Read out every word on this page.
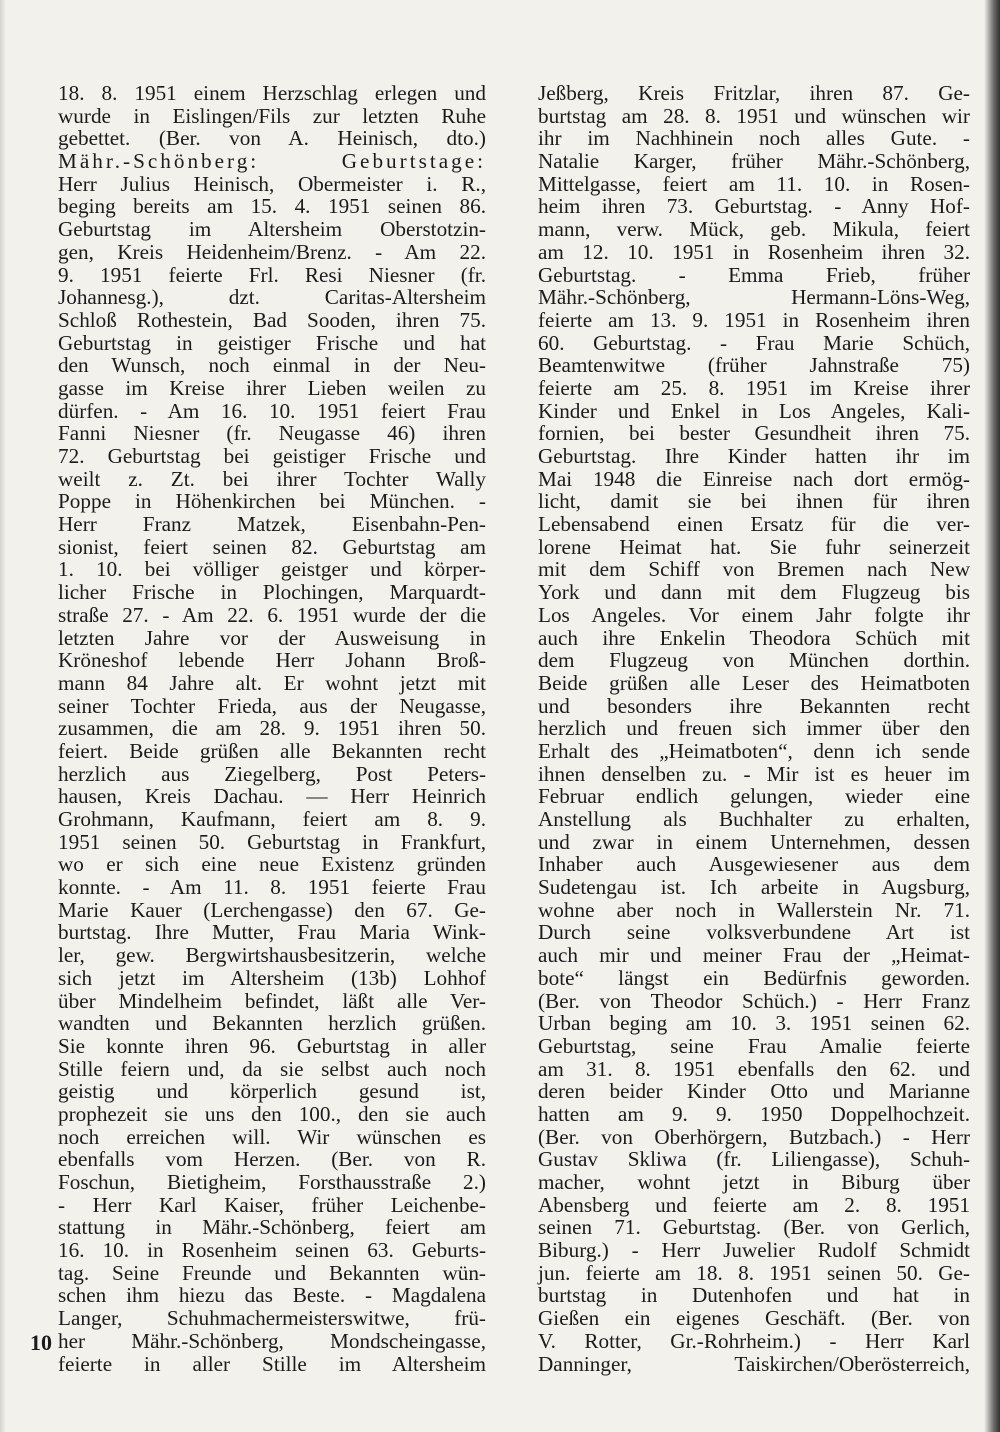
18. 8. 1951 einem Herzschlag erlegen und
wurde in Eislingen/Fils zur letzten Ruhe
gebettet. (Ber. von A. Heinisch, dto.)
Mähr.-Schönberg: Geburtstage:
Herr Julius Heinisch, Obermeister i. R.,
beging bereits am 15. 4. 1951 seinen 86.
Geburtstag im Altersheim Oberstotzin-
gen, Kreis Heidenheim/Brenz. - Am 22.
9. 1951 feierte Frl. Resi Niesner (fr.
Johannesg.), dzt. Caritas-Altersheim
Schloß Rothestein, Bad Sooden, ihren 75.
Geburtstag in geistiger Frische und hat
den Wunsch, noch einmal in der Neu-
gasse im Kreise ihrer Lieben weilen zu
dürfen. - Am 16. 10. 1951 feiert Frau
Fanni Niesner (fr. Neugasse 46) ihren
72. Geburtstag bei geistiger Frische und
weilt z. Zt. bei ihrer Tochter Wally
Poppe in Höhenkirchen bei München. -
Herr Franz Matzek, Eisenbahn-Pen-
sionist, feiert seinen 82. Geburtstag am
1. 10. bei völliger geistger und körper-
licher Frische in Plochingen, Marquardt-
straße 27. - Am 22. 6. 1951 wurde der die
letzten Jahre vor der Ausweisung in
Kröneshof lebende Herr Johann Broß-
mann 84 Jahre alt. Er wohnt jetzt mit
seiner Tochter Frieda, aus der Neugasse,
zusammen, die am 28. 9. 1951 ihren 50.
feiert. Beide grüßen alle Bekannten recht
herzlich aus Ziegelberg, Post Peters-
hausen, Kreis Dachau. — Herr Heinrich
Grohmann, Kaufmann, feiert am 8. 9.
1951 seinen 50. Geburtstag in Frankfurt,
wo er sich eine neue Existenz gründen
konnte. - Am 11. 8. 1951 feierte Frau
Marie Kauer (Lerchengasse) den 67. Ge-
burtstag. Ihre Mutter, Frau Maria Wink-
ler, gew. Bergwirtshausbesitzerin, welche
sich jetzt im Altersheim (13b) Lohhof
über Mindelheim befindet, läßt alle Ver-
wandten und Bekannten herzlich grüßen.
Sie konnte ihren 96. Geburtstag in aller
Stille feiern und, da sie selbst auch noch
geistig und körperlich gesund ist,
prophezeit sie uns den 100., den sie auch
noch erreichen will. Wir wünschen es
ebenfalls vom Herzen. (Ber. von R.
Foschun, Bietigheim, Forsthausstraße 2.)
- Herr Karl Kaiser, früher Leichenbe-
stattung in Mähr.-Schönberg, feiert am
16. 10. in Rosenheim seinen 63. Geburts-
tag. Seine Freunde und Bekannten wün-
schen ihm hiezu das Beste. - Magdalena
Langer, Schuhmachermeisterswitwe, frü-
her Mähr.-Schönberg, Mondscheingasse,
feierte in aller Stille im Altersheim
Jeßberg, Kreis Fritzlar, ihren 87. Ge-
burtstag am 28. 8. 1951 und wünschen wir
ihr im Nachhinein noch alles Gute. -
Natalie Karger, früher Mähr.-Schönberg,
Mittelgasse, feiert am 11. 10. in Rosen-
heim ihren 73. Geburtstag. - Anny Hof-
mann, verw. Mück, geb. Mikula, feiert
am 12. 10. 1951 in Rosenheim ihren 32.
Geburtstag. - Emma Frieb, früher
Mähr.-Schönberg, Hermann-Löns-Weg,
feierte am 13. 9. 1951 in Rosenheim ihren
60. Geburtstag. - Frau Marie Schüch,
Beamtenwitwe (früher Jahnstraße 75)
feierte am 25. 8. 1951 im Kreise ihrer
Kinder und Enkel in Los Angeles, Kali-
fornien, bei bester Gesundheit ihren 75.
Geburtstag. Ihre Kinder hatten ihr im
Mai 1948 die Einreise nach dort ermög-
licht, damit sie bei ihnen für ihren
Lebensabend einen Ersatz für die ver-
lorene Heimat hat. Sie fuhr seinerzeit
mit dem Schiff von Bremen nach New
York und dann mit dem Flugzeug bis
Los Angeles. Vor einem Jahr folgte ihr
auch ihre Enkelin Theodora Schüch mit
dem Flugzeug von München dorthin.
Beide grüßen alle Leser des Heimatboten
und besonders ihre Bekannten recht
herzlich und freuen sich immer über den
Erhalt des „Heimatboten“, denn ich sende
ihnen denselben zu. - Mir ist es heuer im
Februar endlich gelungen, wieder eine
Anstellung als Buchhalter zu erhalten,
und zwar in einem Unternehmen, dessen
Inhaber auch Ausgewiesener aus dem
Sudetengau ist. Ich arbeite in Augsburg,
wohne aber noch in Wallerstein Nr. 71.
Durch seine volksverbundene Art ist
auch mir und meiner Frau der „Heimat-
bote“ längst ein Bedürfnis geworden.
(Ber. von Theodor Schüch.) - Herr Franz
Urban beging am 10. 3. 1951 seinen 62.
Geburtstag, seine Frau Amalie feierte
am 31. 8. 1951 ebenfalls den 62. und
deren beider Kinder Otto und Marianne
hatten am 9. 9. 1950 Doppelhochzeit.
(Ber. von Oberhörgern, Butzbach.) - Herr
Gustav Skliwa (fr. Liliengasse), Schuh-
macher, wohnt jetzt in Biburg über
Abensberg und feierte am 2. 8. 1951
seinen 71. Geburtstag. (Ber. von Gerlich,
Biburg.) - Herr Juwelier Rudolf Schmidt
jun. feierte am 18. 8. 1951 seinen 50. Ge-
burtstag in Dutenhofen und hat in
Gießen ein eigenes Geschäft. (Ber. von
V. Rotter, Gr.-Rohrheim.) - Herr Karl
Danninger, Taiskirchen/Oberösterreich,
10
